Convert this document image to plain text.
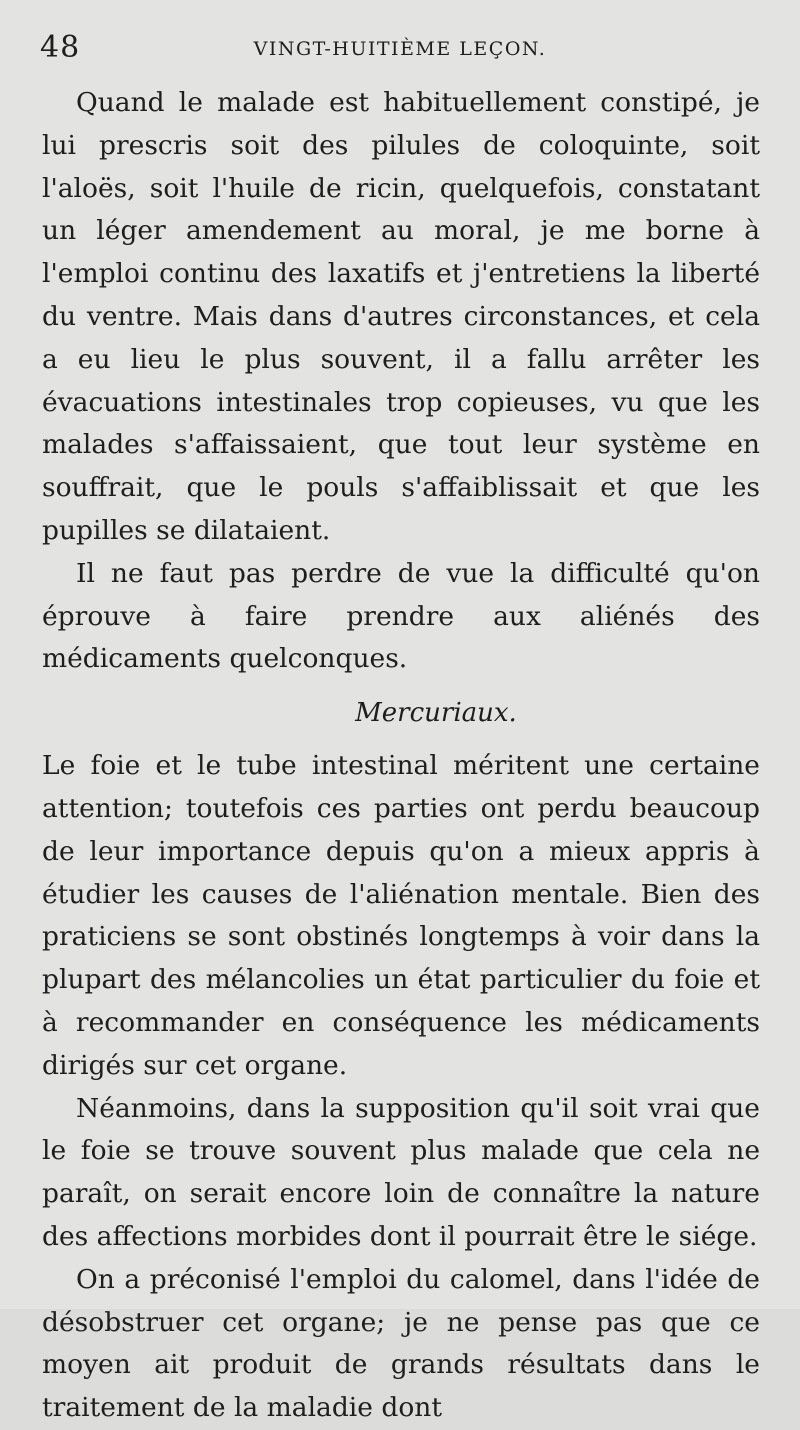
48	VINGT-HUITIÈME LEÇON.

Quand le malade est habituellement constipé, je lui prescris soit des pilules de coloquinte, soit l'aloës, soit l'huile de ricin, quelquefois, constatant un léger amendement au moral, je me borne à l'emploi continu des laxatifs et j'entretiens la liberté du ventre. Mais dans d'autres circonstances, et cela a eu lieu le plus souvent, il a fallu arrêter les évacuations intestinales trop copieuses, vu que les malades s'affaissaient, que tout leur système en souffrait, que le pouls s'affaiblissait et que les pupilles se dilataient.

Il ne faut pas perdre de vue la difficulté qu'on éprouve à faire prendre aux aliénés des médicaments quelconques.

Mercuriaux.

Le foie et le tube intestinal méritent une certaine attention; toutefois ces parties ont perdu beaucoup de leur importance depuis qu'on a mieux appris à étudier les causes de l'aliénation mentale. Bien des praticiens se sont obstinés longtemps à voir dans la plupart des mélancolies un état particulier du foie et à recommander en conséquence les médicaments dirigés sur cet organe.

Néanmoins, dans la supposition qu'il soit vrai que le foie se trouve souvent plus malade que cela ne paraît, on serait encore loin de connaître la nature des affections morbides dont il pourrait être le siége.

On a préconisé l'emploi du calomel, dans l'idée de désobstruer cet organe; je ne pense pas que ce moyen ait produit de grands résultats dans le traitement de la maladie dont
